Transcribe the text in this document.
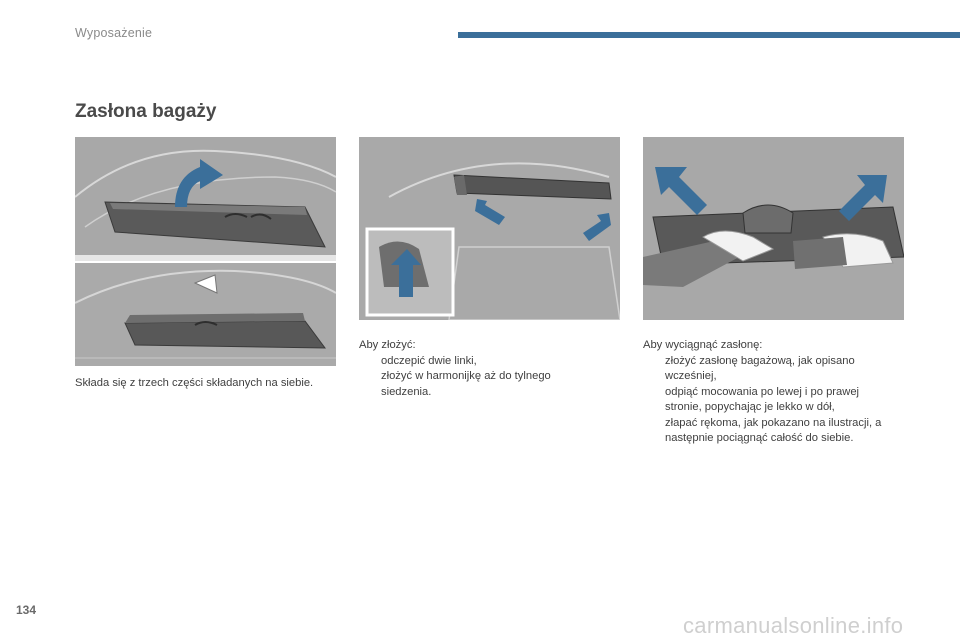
Wyposażenie
Zasłona bagaży

Składa się z trzech części składanych na siebie.

Aby złożyć:

odczepić dwie linki,
złożyć w harmonijkę aż do tylnego siedzenia.

Aby wyciągnąć zasłonę:

złożyć zasłonę bagażową, jak opisano wcześniej,
odpiąć mocowania po lewej i po prawej stronie, popychając je lekko w dół,
złapać rękoma, jak pokazano na ilustracji, a następnie pociągnąć całość do siebie.
134
carmanualsonline.info
